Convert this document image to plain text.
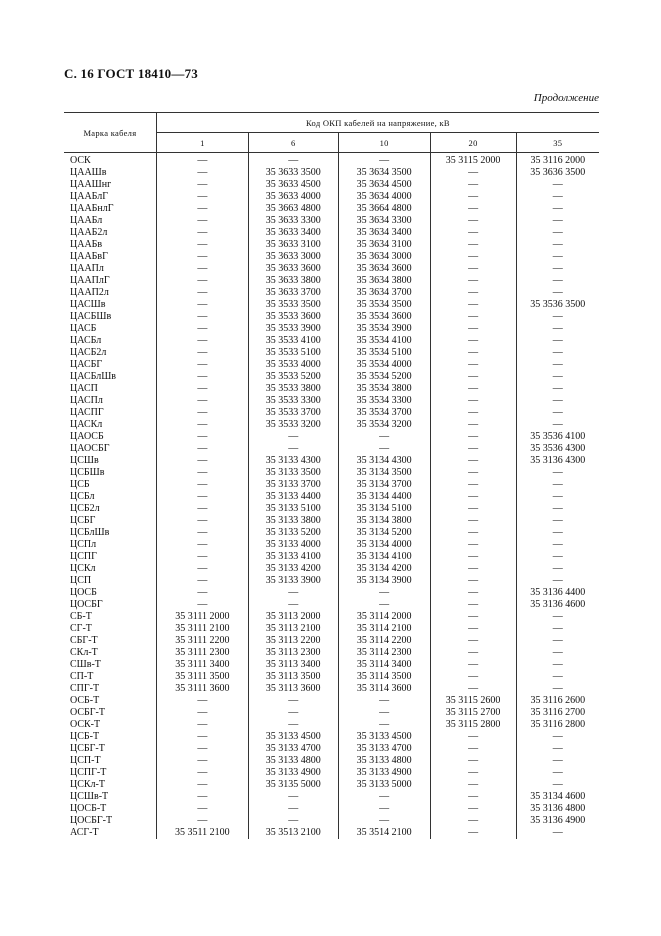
С. 16 ГОСТ 18410—73
Продолжение
Марка кабеля	Код ОКП кабелей на напряжение, кВ				
	1	6	10	20	35
ОСК	—	—	—	35 3115 2000	35 3116 2000
ЦААШв	—	35 3633 3500	35 3634 3500	—	35 3636 3500
ЦААШнг	—	35 3633 4500	35 3634 4500	—	—
ЦААБлГ	—	35 3633 4000	35 3634 4000	—	—
ЦААБнлГ	—	35 3663 4800	35 3664 4800	—	—
ЦААБл	—	35 3633 3300	35 3634 3300	—	—
ЦААБ2л	—	35 3633 3400	35 3634 3400	—	—
ЦААБв	—	35 3633 3100	35 3634 3100	—	—
ЦААБвГ	—	35 3633 3000	35 3634 3000	—	—
ЦААПл	—	35 3633 3600	35 3634 3600	—	—
ЦААПлГ	—	35 3633 3800	35 3634 3800	—	—
ЦААП2л	—	35 3633 3700	35 3634 3700	—	—
ЦАСШв	—	35 3533 3500	35 3534 3500	—	35 3536 3500
ЦАСБШв	—	35 3533 3600	35 3534 3600	—	—
ЦАСБ	—	35 3533 3900	35 3534 3900	—	—
ЦАСБл	—	35 3533 4100	35 3534 4100	—	—
ЦАСБ2л	—	35 3533 5100	35 3534 5100	—	—
ЦАСБГ	—	35 3533 4000	35 3534 4000	—	—
ЦАСБлШв	—	35 3533 5200	35 3534 5200	—	—
ЦАСП	—	35 3533 3800	35 3534 3800	—	—
ЦАСПл	—	35 3533 3300	35 3534 3300	—	—
ЦАСПГ	—	35 3533 3700	35 3534 3700	—	—
ЦАСКл	—	35 3533 3200	35 3534 3200	—	—
ЦАОСБ	—	—	—	—	35 3536 4100
ЦАОСБГ	—	—	—	—	35 3536 4300
ЦСШв	—	35 3133 4300	35 3134 4300	—	35 3136 4300
ЦСБШв	—	35 3133 3500	35 3134 3500	—	—
ЦСБ	—	35 3133 3700	35 3134 3700	—	—
ЦСБл	—	35 3133 4400	35 3134 4400	—	—
ЦСБ2л	—	35 3133 5100	35 3134 5100	—	—
ЦСБГ	—	35 3133 3800	35 3134 3800	—	—
ЦСБлШв	—	35 3133 5200	35 3134 5200	—	—
ЦСПл	—	35 3133 4000	35 3134 4000	—	—
ЦСПГ	—	35 3133 4100	35 3134 4100	—	—
ЦСКл	—	35 3133 4200	35 3134 4200	—	—
ЦСП	—	35 3133 3900	35 3134 3900	—	—
ЦОСБ	—	—	—	—	35 3136 4400
ЦОСБГ	—	—	—	—	35 3136 4600
СБ-Т	35 3111 2000	35 3113 2000	35 3114 2000	—	—
СГ-Т	35 3111 2100	35 3113 2100	35 3114 2100	—	—
СБГ-Т	35 3111 2200	35 3113 2200	35 3114 2200	—	—
СКл-Т	35 3111 2300	35 3113 2300	35 3114 2300	—	—
СШв-Т	35 3111 3400	35 3113 3400	35 3114 3400	—	—
СП-Т	35 3111 3500	35 3113 3500	35 3114 3500	—	—
СПГ-Т	35 3111 3600	35 3113 3600	35 3114 3600	—	—
ОСБ-Т	—	—	—	35 3115 2600	35 3116 2600
ОСБГ-Т	—	—	—	35 3115 2700	35 3116 2700
ОСК-Т	—	—	—	35 3115 2800	35 3116 2800
ЦСБ-Т	—	35 3133 4500	35 3133 4500	—	—
ЦСБГ-Т	—	35 3133 4700	35 3133 4700	—	—
ЦСП-Т	—	35 3133 4800	35 3133 4800	—	—
ЦСПГ-Т	—	35 3133 4900	35 3133 4900	—	—
ЦСКл-Т	—	35 3135 5000	35 3133 5000	—	—
ЦСШв-Т	—	—	—	—	35 3134 4600
ЦОСБ-Т	—	—	—	—	35 3136 4800
ЦОСБГ-Т	—	—	—	—	35 3136 4900
АСГ-Т	35 3511 2100	35 3513 2100	35 3514 2100	—	—
